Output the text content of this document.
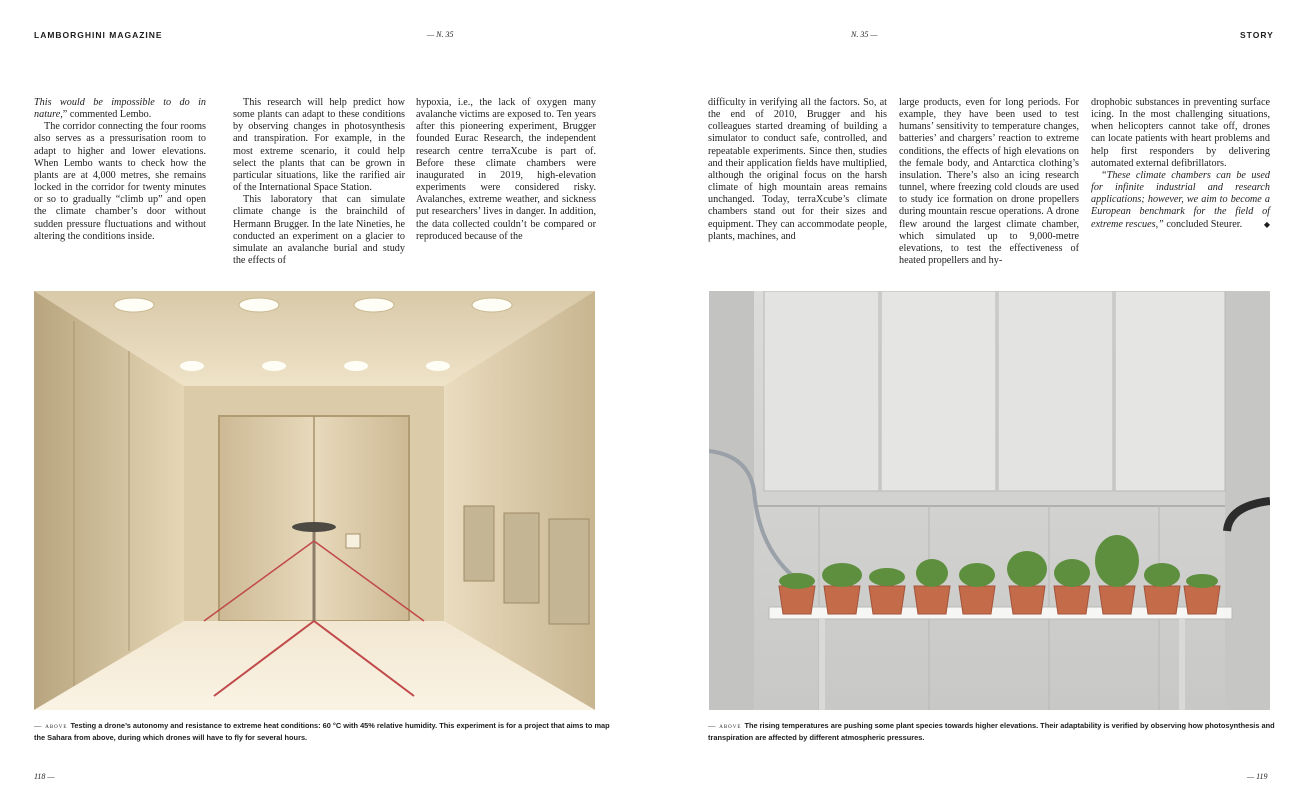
LAMBORGHINI MAGAZINE	— N. 35	N. 35 —	STORY

This would be impossible to do in nature,” commented Lembo.

The corridor connecting the four rooms also serves as a pressurisation room to adapt to higher and lower elevations. When Lembo wants to check how the plants are at 4,000 metres, she remains locked in the corridor for twenty minutes or so to gradually “climb up” and open the climate chamber’s door without sudden pressure fluctuations and without altering the conditions inside.

This research will help predict how some plants can adapt to these conditions by observing changes in photosynthesis and transpiration. For example, in the most extreme scenario, it could help select the plants that can be grown in particular situations, like the rarified air of the International Space Station.

This laboratory that can simulate climate change is the brainchild of Hermann Brugger. In the late Nineties, he conducted an experiment on a glacier to simulate an avalanche burial and study the effects of

hypoxia, i.e., the lack of oxygen many avalanche victims are exposed to. Ten years after this pioneering experiment, Brugger founded Eurac Research, the independent research centre terraXcube is part of. Before these climate chambers were inaugurated in 2019, high-elevation experiments were considered risky. Avalanches, extreme weather, and sickness put researchers’ lives in danger. In addition, the data collected couldn’t be compared or reproduced because of the

difficulty in verifying all the factors. So, at the end of 2010, Brugger and his colleagues started dreaming of building a simulator to conduct safe, controlled, and repeatable experiments. Since then, studies and their application fields have multiplied, although the original focus on the harsh climate of high mountain areas remains unchanged. Today, terraXcube’s climate chambers stand out for their sizes and equipment. They can accommodate people, plants, machines, and

large products, even for long periods. For example, they have been used to test humans’ sensitivity to temperature changes, batteries’ and chargers’ reaction to extreme conditions, the effects of high elevations on the female body, and Antarctica clothing’s insulation. There’s also an icing research tunnel, where freezing cold clouds are used to study ice formation on drone propellers during mountain rescue operations. A drone flew around the largest climate chamber, which simulated up to 9,000-metre elevations, to test the effectiveness of heated propellers and hy-

drophobic substances in preventing surface icing. In the most challenging situations, when helicopters cannot take off, drones can locate patients with heart problems and help first responders by delivering automated external defibrillators.

“These climate chambers can be used for infinite industrial and research applications; however, we aim to become a European benchmark for the field of extreme rescues,” concluded Steurer.	◆

— above Testing a drone’s autonomy and resistance to extreme heat conditions: 60 °C with 45% relative humidity. This experiment is for a project that aims to map the Sahara from above, during which drones will have to fly for several hours.
— above The rising temperatures are pushing some plant species towards higher elevations. Their adaptability is verified by observing how photosynthesis and transpiration are affected by different atmospheric pressures.
118 —	— 119
